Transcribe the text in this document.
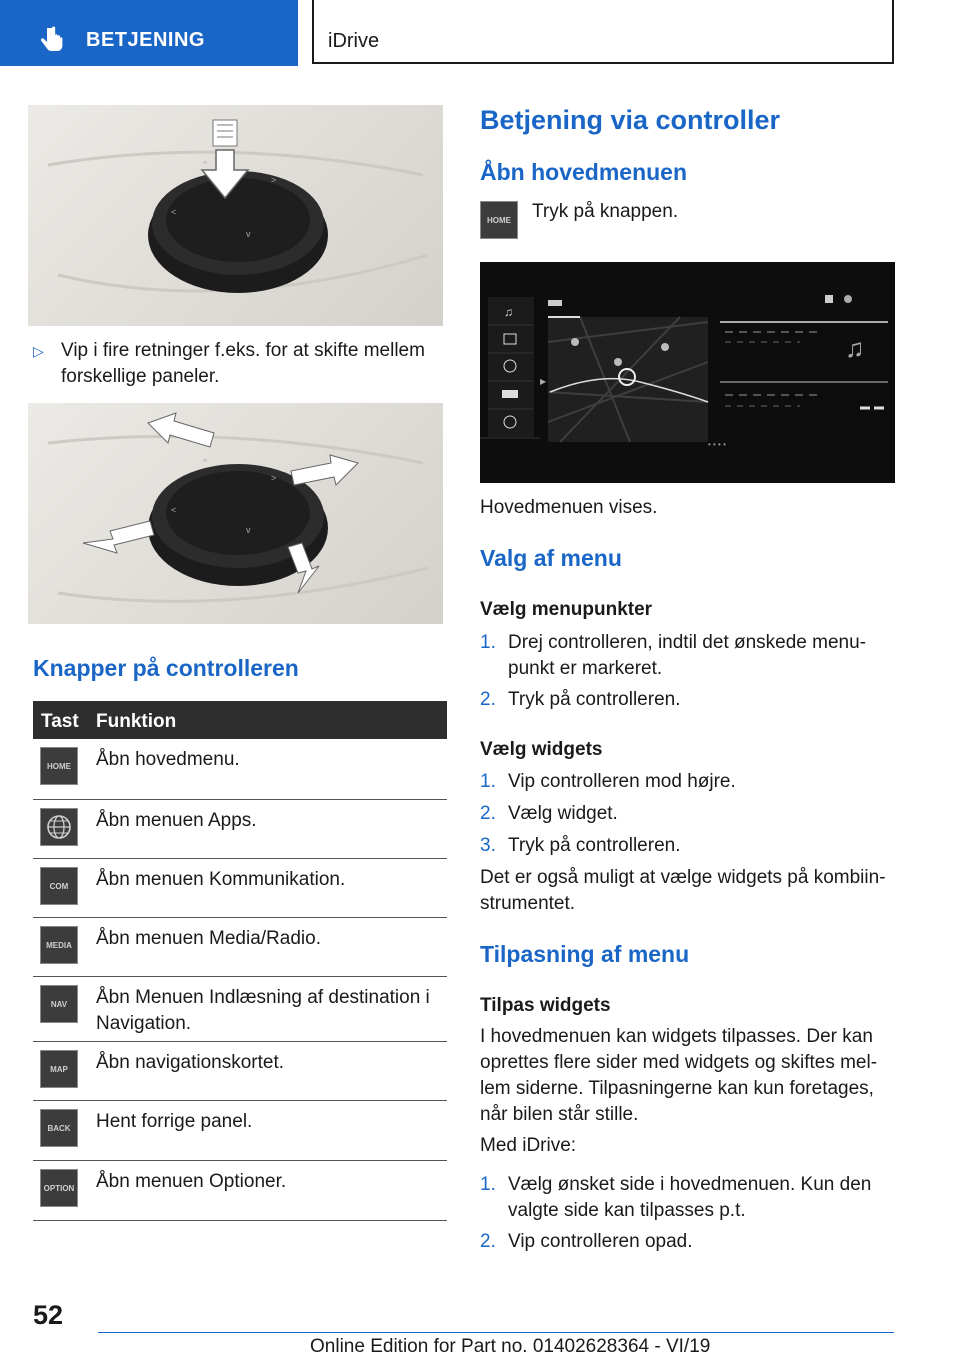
BETJENING	iDrive
^
>
<
v
▷ Vip i fire retninger f.eks. for at skifte mellem
forskellige paneler.
^
>
<
v
Knapper på controlleren
Tast Funktion
HOME	Åbn hovedmenu.
Åbn menuen Apps.
COM	Åbn menuen Kommunikation.
MEDIA	Åbn menuen Media/Radio.
NAV	Åbn Menuen Indlæsning af destination i
Navigation.
MAP	Åbn navigationskortet.
BACK	Hent forrige panel.
OPTION Åbn menuen Optioner.
Betjening via controller
Åbn hovedmenuen
HOME	Tryk på knappen.
♫
♫
• • • •
▶
Hovedmenuen vises.
Valg af menu
Vælg menupunkter
1. Drej controlleren, indtil det ønskede menu-
punkt er markeret.
2. Tryk på controlleren.
Vælg widgets
1. Vip controlleren mod højre.
2. Vælg widget.
3. Tryk på controlleren.
Det er også muligt at vælge widgets på kombiin-
strumentet.
Tilpasning af menu
Tilpas widgets
I hovedmenuen kan widgets tilpasses. Der kan
oprettes flere sider med widgets og skiftes mel-
lem siderne. Tilpasningerne kan kun foretages,
når bilen står stille.
Med iDrive:
1. Vælg ønsket side i hovedmenuen. Kun den
valgte side kan tilpasses p.t.
2. Vip controlleren opad.
52
Online Edition for Part no. 01402628364 - VI/19
